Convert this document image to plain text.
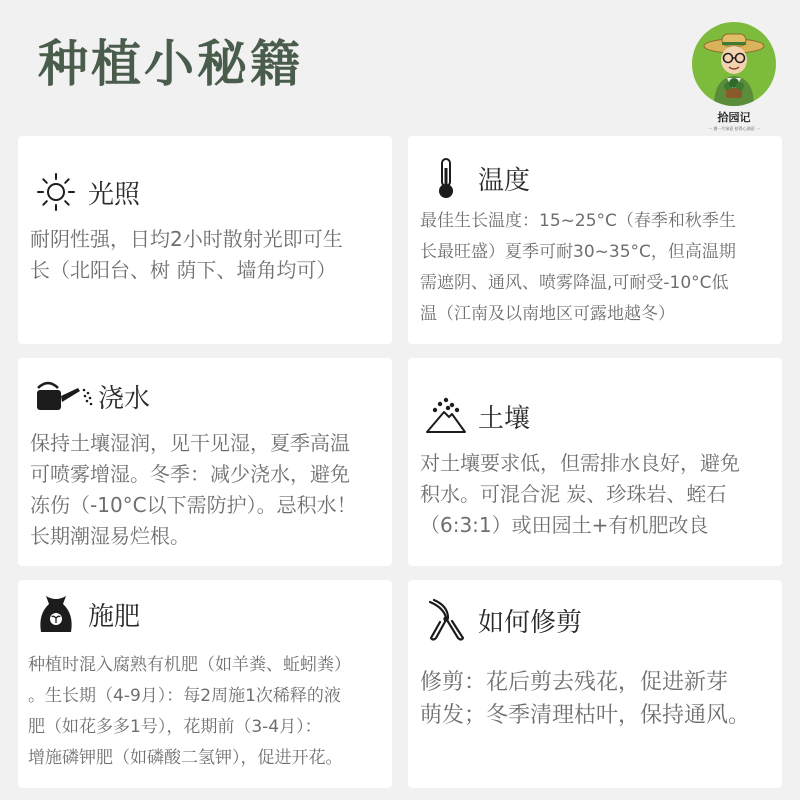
种植小秘籍
拾园记
一 拥一片绿意 拾得心满意 一
光照
耐阴性强，日均2小时散射光即可生
长（北阳台、树 荫下、墙角均可）
温度
最佳生长温度：15~25°C（春季和秋季生
长最旺盛）夏季可耐30~35°C，但高温期
需遮阴、通风、喷雾降温,可耐受-10°C低
温（江南及以南地区可露地越冬）
浇水
保持土壤湿润，见干见湿，夏季高温
可喷雾增湿。冬季：减少浇水，避免
冻伤（-10°C以下需防护）。忌积水！
长期潮湿易烂根。
土壤
对土壤要求低，但需排水良好，避免
积水。可混合泥 炭、珍珠岩、蛭石
（6:3:1）或田园土+有机肥改良
施肥
种植时混入腐熟有机肥（如羊粪、蚯蚓粪）
。生长期（4-9月）：每2周施1次稀释的液
肥（如花多多1号），花期前（3-4月）：
增施磷钾肥（如磷酸二氢钾），促进开花。
如何修剪
修剪：花后剪去残花，促进新芽
萌发；冬季清理枯叶，保持通风。
